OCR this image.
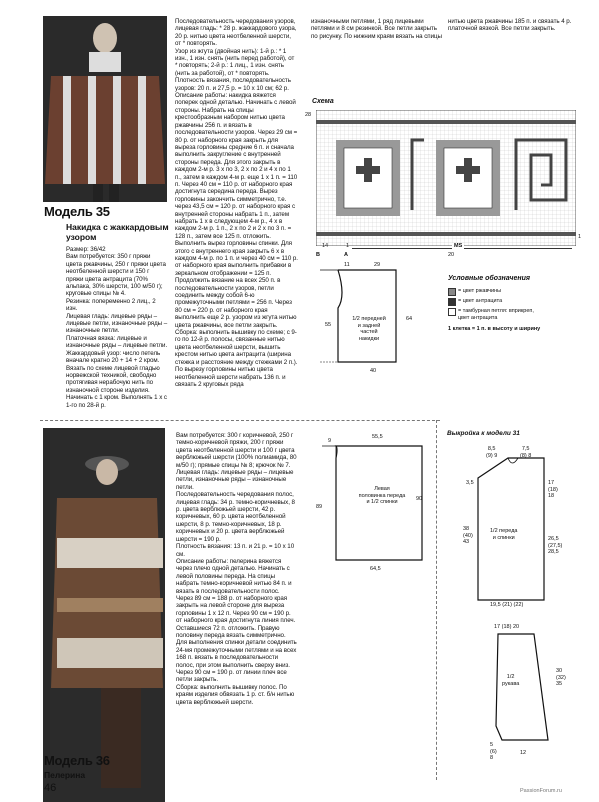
Модель 35
Накидка с жаккардовым
узором
Размер: 36/42
Вам потребуется: 350 г пряжи цвета ржавчины, 250 г пряжи цвета неотбеленной шерсти и 150 г пряжи цвета антрацита (70% альпака, 30% шерсти, 100 м/50 г); круговые спицы № 4.
Резинка: попеременно 2 лиц., 2 изн.
Лицевая гладь: лицевые ряды – лицевые петли, изнаночные ряды – изнаночные петли.
Платочная вязка: лицевые и изнаночные ряды – лицевые петли.
Жаккардовый узор: число петель вначале кратно 20 + 14 + 2 кром. Вязать по схеме лицевой гладью норвежской техникой, свободно протягивая нерабочую нить по изнаночной стороне изделия. Начинать с 1 кром. Выполнять 1 х с 1-го по 28-й р.
Последовательность чередования узоров, лицевая гладь: * 28 р. жаккардового узора, 20 р. нитью цвета неотбеленной шерсти, от * повторять.
Узор из жгута (двойная нить): 1-й р.: * 1 изн., 1 изн. снять (нить перед работой), от * повторять; 2-й р.: 1 лиц., 1 изн. снять (нить за работой), от * повторять.
Плотность вязания, последовательность узоров: 20 п. и 27,5 р. = 10 х 10 см; 62 р.
Описание работы: накидка вяжется поперек одной деталью. Начинать с левой стороны. Набрать на спицы крестообразным набором нитью цвета ржавчины 256 п. и вязать в последовательности узоров. Через 29 см = 80 р. от наборного края закрыть для выреза горловины средние 6 п. и сначала выполнить закругление с внутренней стороны переда. Для этого закрыть в каждом 2-м р. 3 х по 3, 2 х по 2 и 4 х по 1 п., затем в каждом 4-м р. еще 1 х 1 п. = 110 п. Через 40 см = 110 р. от наборного края достигнута середина переда. Вырез горловины закончить симметрично, т.е. через 43,5 см = 120 р. от наборного края с внутренней стороны набрать 1 п., затем набрать 1 х в следующем 4-м р., 4 х в каждом 2-м р. 1 п., 2 х по 2 и 2 х по 3 п. = 128 п., затем все 125 п. отложить. Выполнить вырез горловины спинки. Для этого с внутреннего края закрыть 6 х в каждом 4-м р. по 1 п. и через 40 см = 110 р. от наборного края выполнить прибавки в зеркальном отображении = 125 п. Продолжить вязание на всех 250 п. в последовательности узоров, петли соединить между собой 6-ю промежуточными петлями = 256 п. Через 80 см = 220 р. от наборного края выполнить еще 2 р. узором из жгута нитью цвета ржавчины, все петли закрыть.
Сборка: выполнить вышивку по схеме; с 9-го по 12-й р. полосы, связанные нитью цвета неотбеленной шерсти, вышить крестом нитью цвета антрацита (ширина стежка и расстояние между стежками 2 п.). По вырезу горловины нитью цвета неотбеленной шерсти набрать 136 п. и связать 2 круговых ряда
изнаночными петлями, 1 ряд лицевыми петлями и 8 см резинкой. Все петли закрыть по рисунку. По нижним краям вязать на спицы нитью цвета ржавчины 185 п. и связать 4 р. платочной вязкой. Все петли закрыть.
Схема
28
1
B	A
14	1	MS
20
11	29
55
64
40
1/2 передней
и задней
частей
накидки
Условные обозначения
= цвет ржавчины
= цвет антрацита
= тамбурная петля: вприкреп,
цвет антрацита
1 клетка = 1 п. в высоту и ширину
Модель 36
Пелерина
Вам потребуется: 300 г коричневой, 250 г темно-коричневой пряжи, 200 г пряжи цвета неотбеленной шерсти и 100 г цвета верблюжьей шерсти (100% полиамида, 80 м/50 г); прямые спицы № 8; крючок № 7.
Лицевая гладь: лицевые ряды – лицевые петли, изнаночные ряды – изнаночные петли.
Последовательность чередования полос, лицевая гладь: 34 р. темно-коричневых, 8 р. цвета верблюжьей шерсти, 42 р. коричневых, 60 р. цвета неотбеленной шерсти, 8 р. темно-коричневых, 18 р. коричневых и 20 р. цвета верблюжьей шерсти = 190 р.
Плотность вязания: 13 п. и 21 р. = 10 х 10 см.
Описание работы: пелерина вяжется через плечо одной деталью. Начинать с левой половины переда. На спицы набрать темно-коричневой нитью 84 п. и вязать в последовательности полос. Через 89 см = 188 р. от наборного края закрыть на левой стороне для выреза горловины 1 х 12 п. Через 90 см = 190 р. от наборного края достигнута линия плеч. Оставшиеся 72 п. отложить. Правую половину переда вязать симметрично. Для выполнения спинки детали соединить 24-мя промежуточными петлями и на всех 168 п. вязать в последовательности полос, при этом выполнить сверху вниз. Через 90 см = 190 р. от линии плеч все петли закрыть.
Сборка: выполнить вышивку полос. По краям изделия обвязать 1 р. ст. б/н нитью цвета верблюжьей шерсти.
9
55,5
89
90
64,5
Левая
половинка переда
и 1/2 спинки
Выкройка к модели 31
8,5
(9) 9
7,5
(8) 8
3,5	17
(18)
18
26,5
(27,5)
28,5
38
(40)
43
1/2 переда
и спинки
19,5 (21) (22)
17 (18) 20
30
(32)
35
1/2
рукава
12
5
(6)
8
46	PassionForum.ru
